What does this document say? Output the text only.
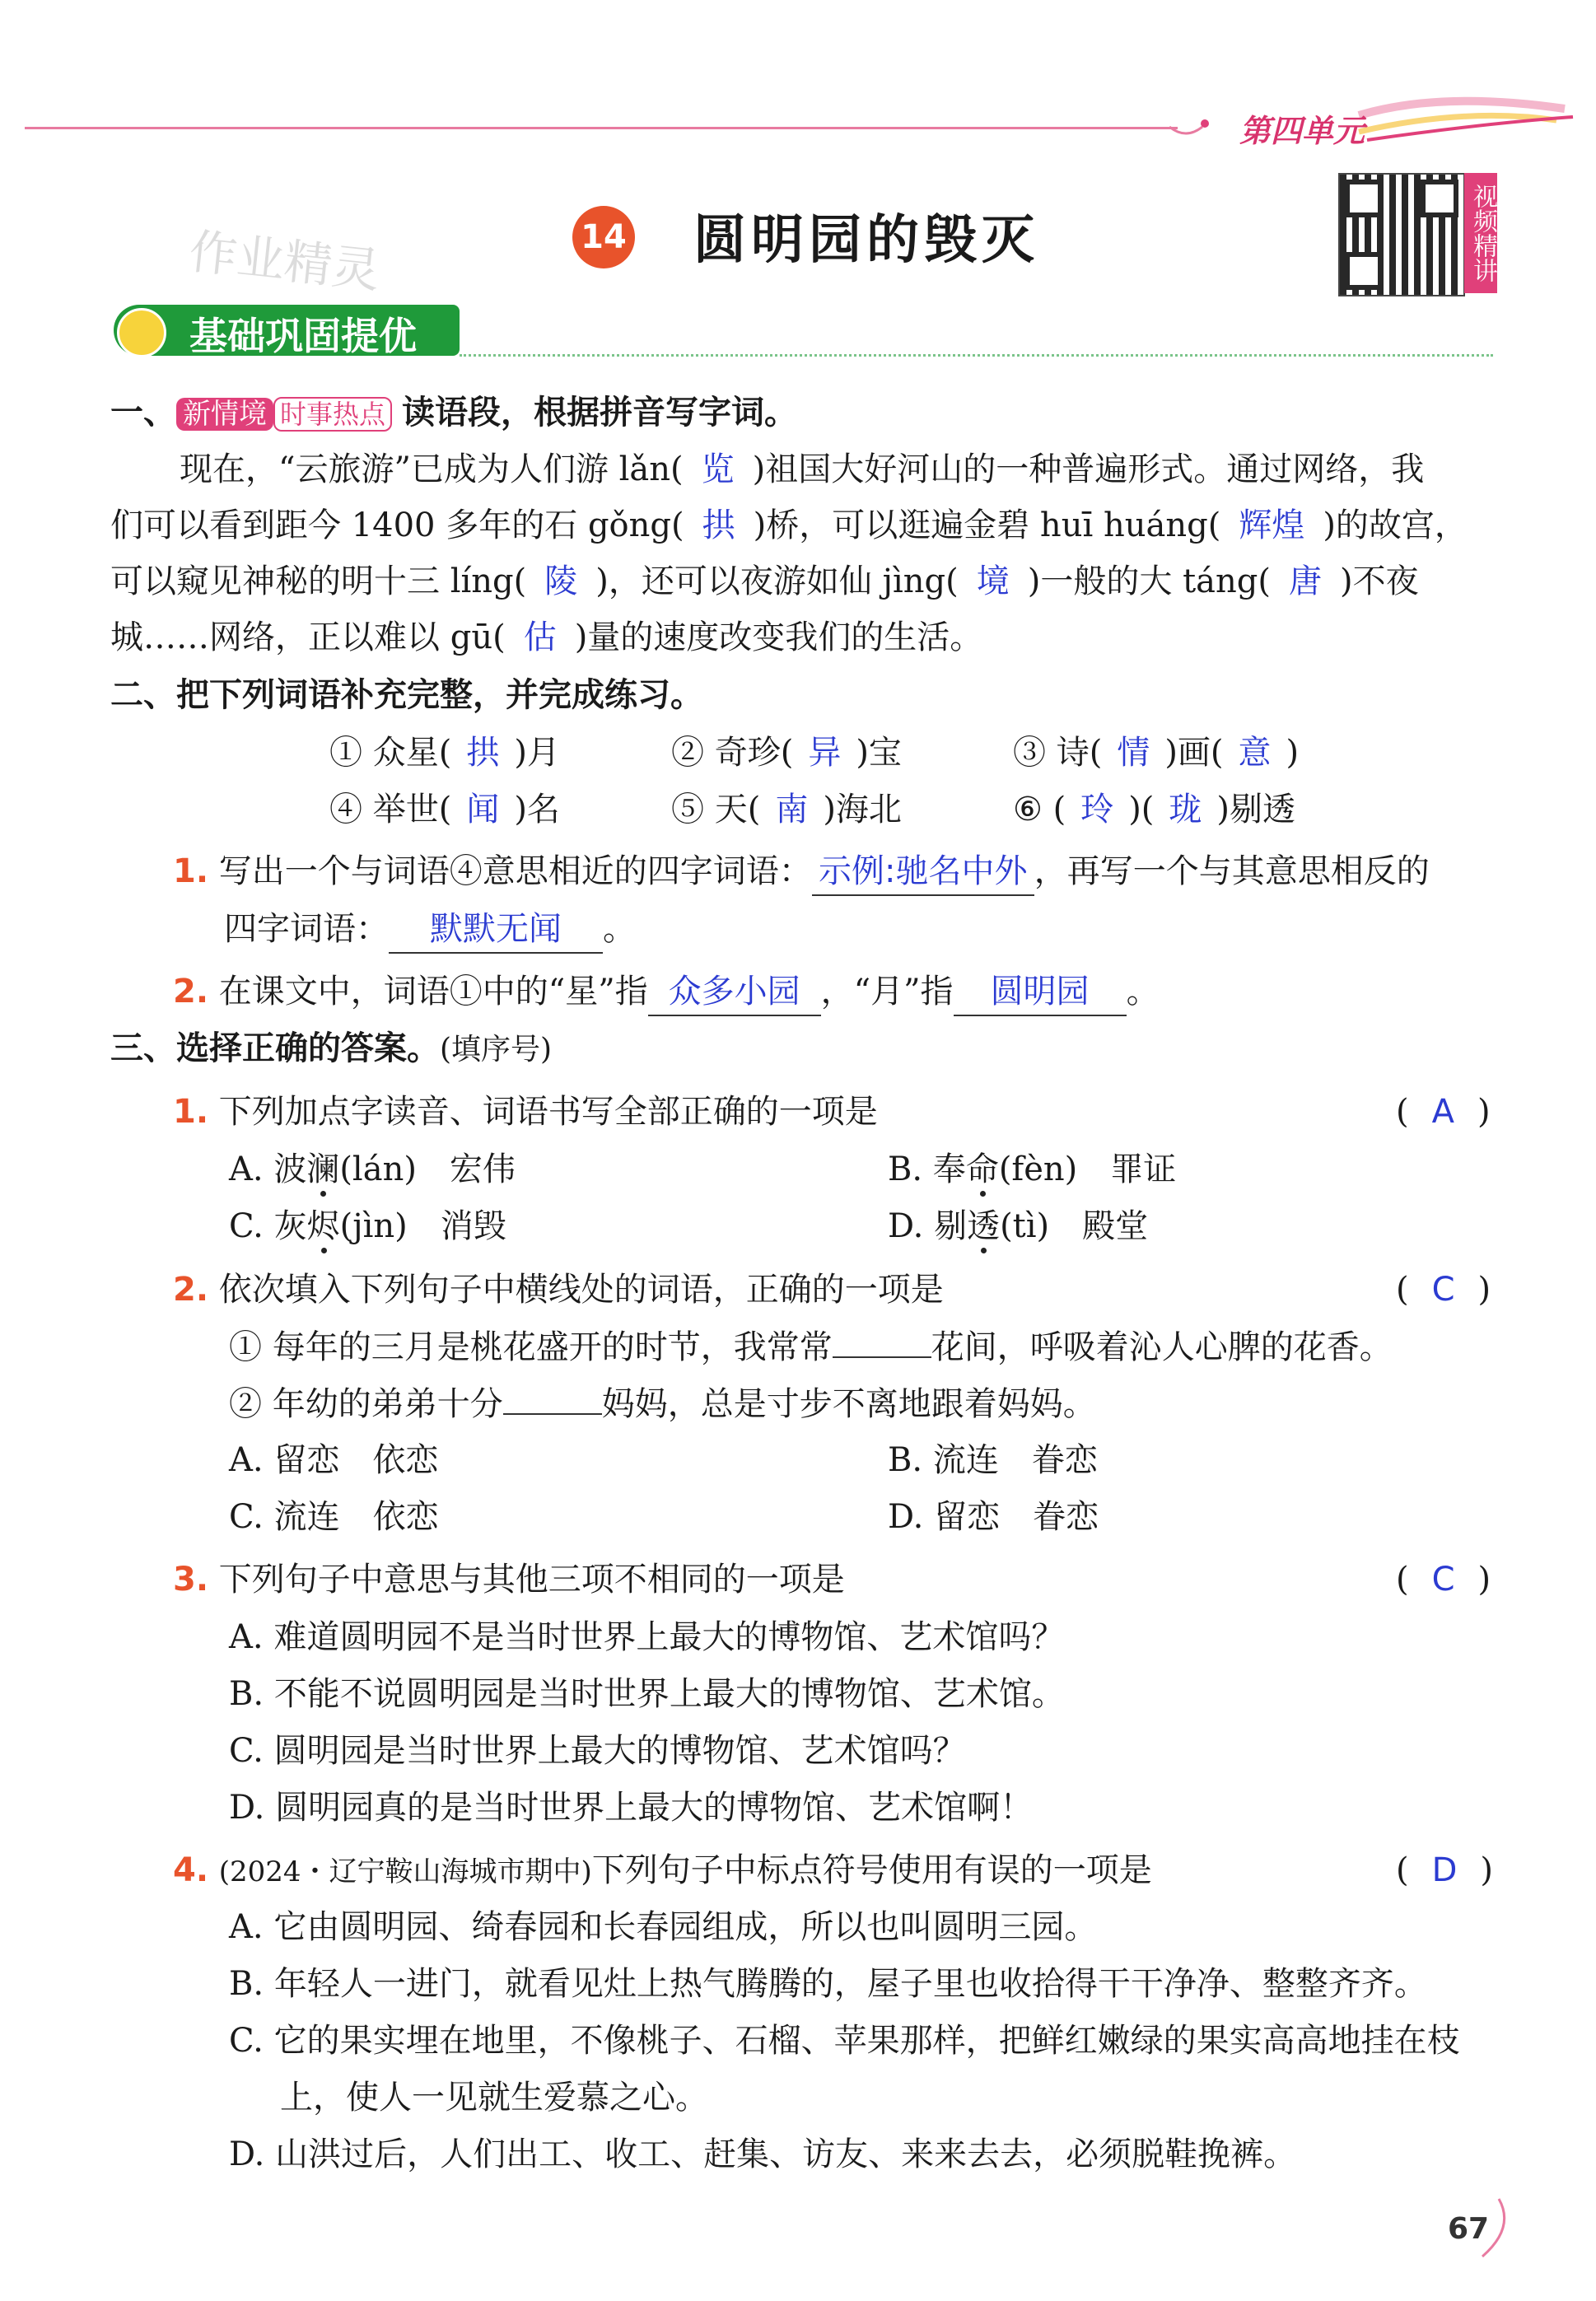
第四单元
作业精灵	14 圆明园的毁灭	视频精讲
基础巩固提优
一、 新情境 时事热点 读语段，根据拼音写字词。
现在，“云旅游”已成为人们游 lǎn( 览 )祖国大好河山的一种普遍形式。通过网络，我
们可以看到距今 1400 多年的石 gǒng( 拱 )桥，可以逛遍金碧 huī huáng( 辉煌 )的故宫，
可以窥见神秘的明十三 líng( 陵 )，还可以夜游如仙 jìng( 境 )一般的大 táng( 唐 )不夜
城……网络，正以难以 gū( 估 )量的速度改变我们的生活。
二、把下列词语补充完整，并完成练习。
① 众星( 拱 )月	② 奇珍( 异 )宝	③ 诗( 情 )画( 意 )
④ 举世( 闻 )名	⑤ 天( 南 )海北	⑥ ( 玲 )( 珑 )剔透
1. 写出一个与词语④意思相近的四字词语： 示例:驰名中外 ，再写一个与其意思相反的
四字词语： 默默无闻 。
2. 在课文中，词语①中的“星”指 众多小园 ，“月”指 圆明园 。
三、选择正确的答案。(填序号)
1. 下列加点字读音、词语书写全部正确的一项是	( A )
A. 波澜(lán)　宏伟	B. 奉命(fèn)　罪证
C. 灰烬(jìn)　消毁	D. 剔透(tì)　殿堂
2. 依次填入下列句子中横线处的词语，正确的一项是	( C )
① 每年的三月是桃花盛开的时节，我常常	花间，呼吸着沁人心脾的花香。
② 年幼的弟弟十分	妈妈，总是寸步不离地跟着妈妈。
A. 留恋　依恋	B. 流连　眷恋
C. 流连　依恋	D. 留恋　眷恋
3. 下列句子中意思与其他三项不相同的一项是	( C )
A. 难道圆明园不是当时世界上最大的博物馆、艺术馆吗？
B. 不能不说圆明园是当时世界上最大的博物馆、艺术馆。
C. 圆明园是当时世界上最大的博物馆、艺术馆吗？
D. 圆明园真的是当时世界上最大的博物馆、艺术馆啊！
4. (2024・辽宁鞍山海城市期中)下列句子中标点符号使用有误的一项是	( D )
A. 它由圆明园、绮春园和长春园组成，所以也叫圆明三园。
B. 年轻人一进门，就看见灶上热气腾腾的，屋子里也收拾得干干净净、整整齐齐。
C. 它的果实埋在地里，不像桃子、石榴、苹果那样，把鲜红嫩绿的果实高高地挂在枝
上，使人一见就生爱慕之心。
D. 山洪过后，人们出工、收工、赶集、访友、来来去去，必须脱鞋挽裤。
67
